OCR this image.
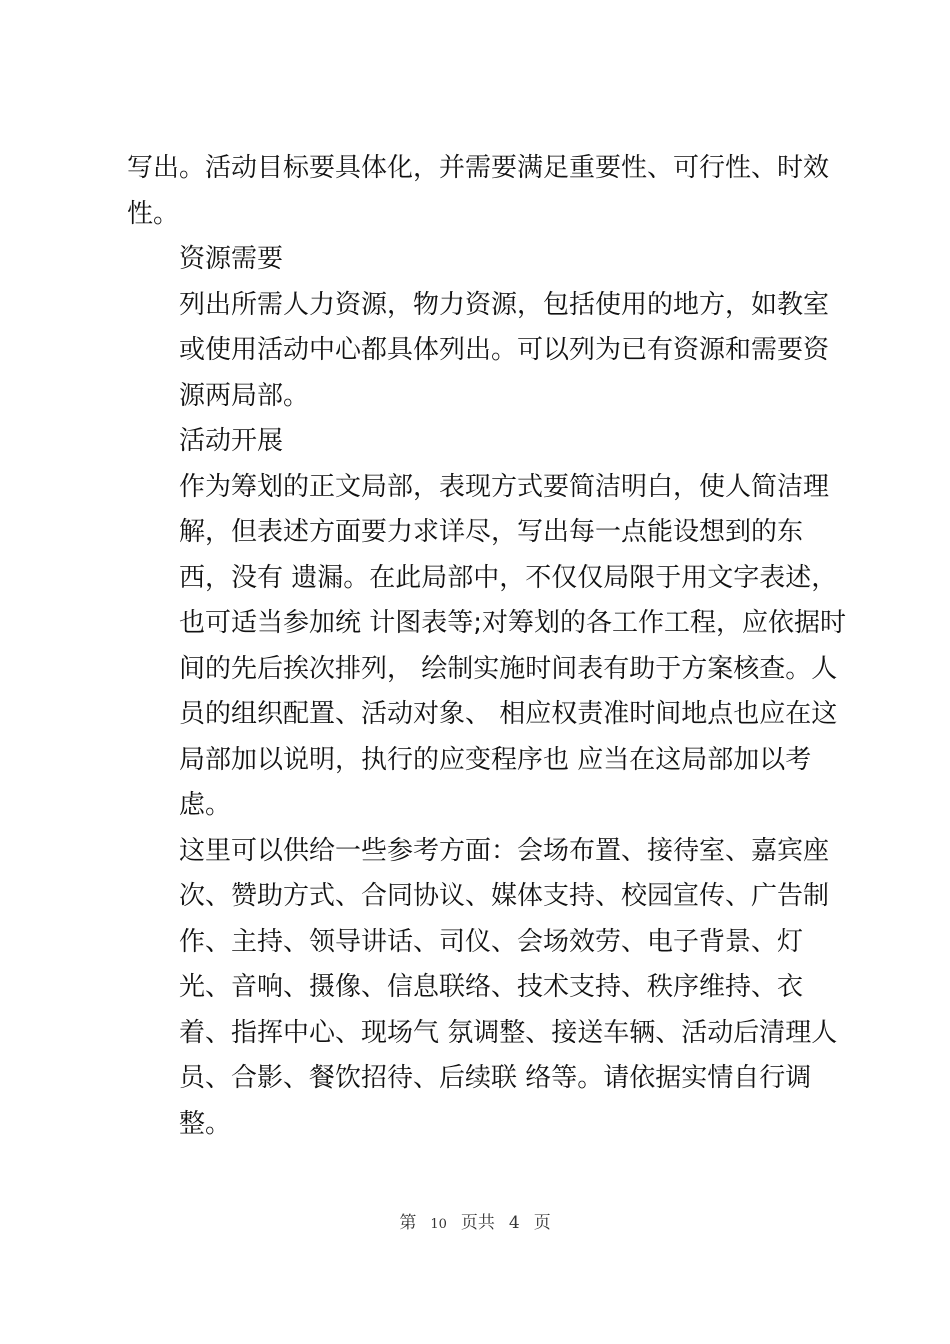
写出。活动目标要具体化，并需要满足重要性、可行性、时效性。

资源需要

列出所需人力资源，物力资源，包括使用的地方，如教室或使用活动中心都具体列出。可以列为已有资源和需要资源两局部。

活动开展

作为筹划的正文局部，表现方式要简洁明白，使人简洁理解，但表述方面要力求详尽，写出每一点能设想到的东西，没有 遗漏。在此局部中，不仅仅局限于用文字表述，也可适当参加统 计图表等;对筹划的各工作工程，应依据时间的先后挨次排列， 绘制实施时间表有助于方案核查。人员的组织配置、活动对象、 相应权责准时间地点也应在这局部加以说明，执行的应变程序也 应当在这局部加以考虑。

这里可以供给一些参考方面：会场布置、接待室、嘉宾座次、赞助方式、合同协议、媒体支持、校园宣传、广告制作、主持、领导讲话、司仪、会场效劳、电子背景、灯光、音响、摄像、信息联络、技术支持、秩序维持、衣着、指挥中心、现场气 氛调整、接送车辆、活动后清理人员、合影、餐饮招待、后续联 络等。请依据实情自行调整。

第 10 页共 4 页
